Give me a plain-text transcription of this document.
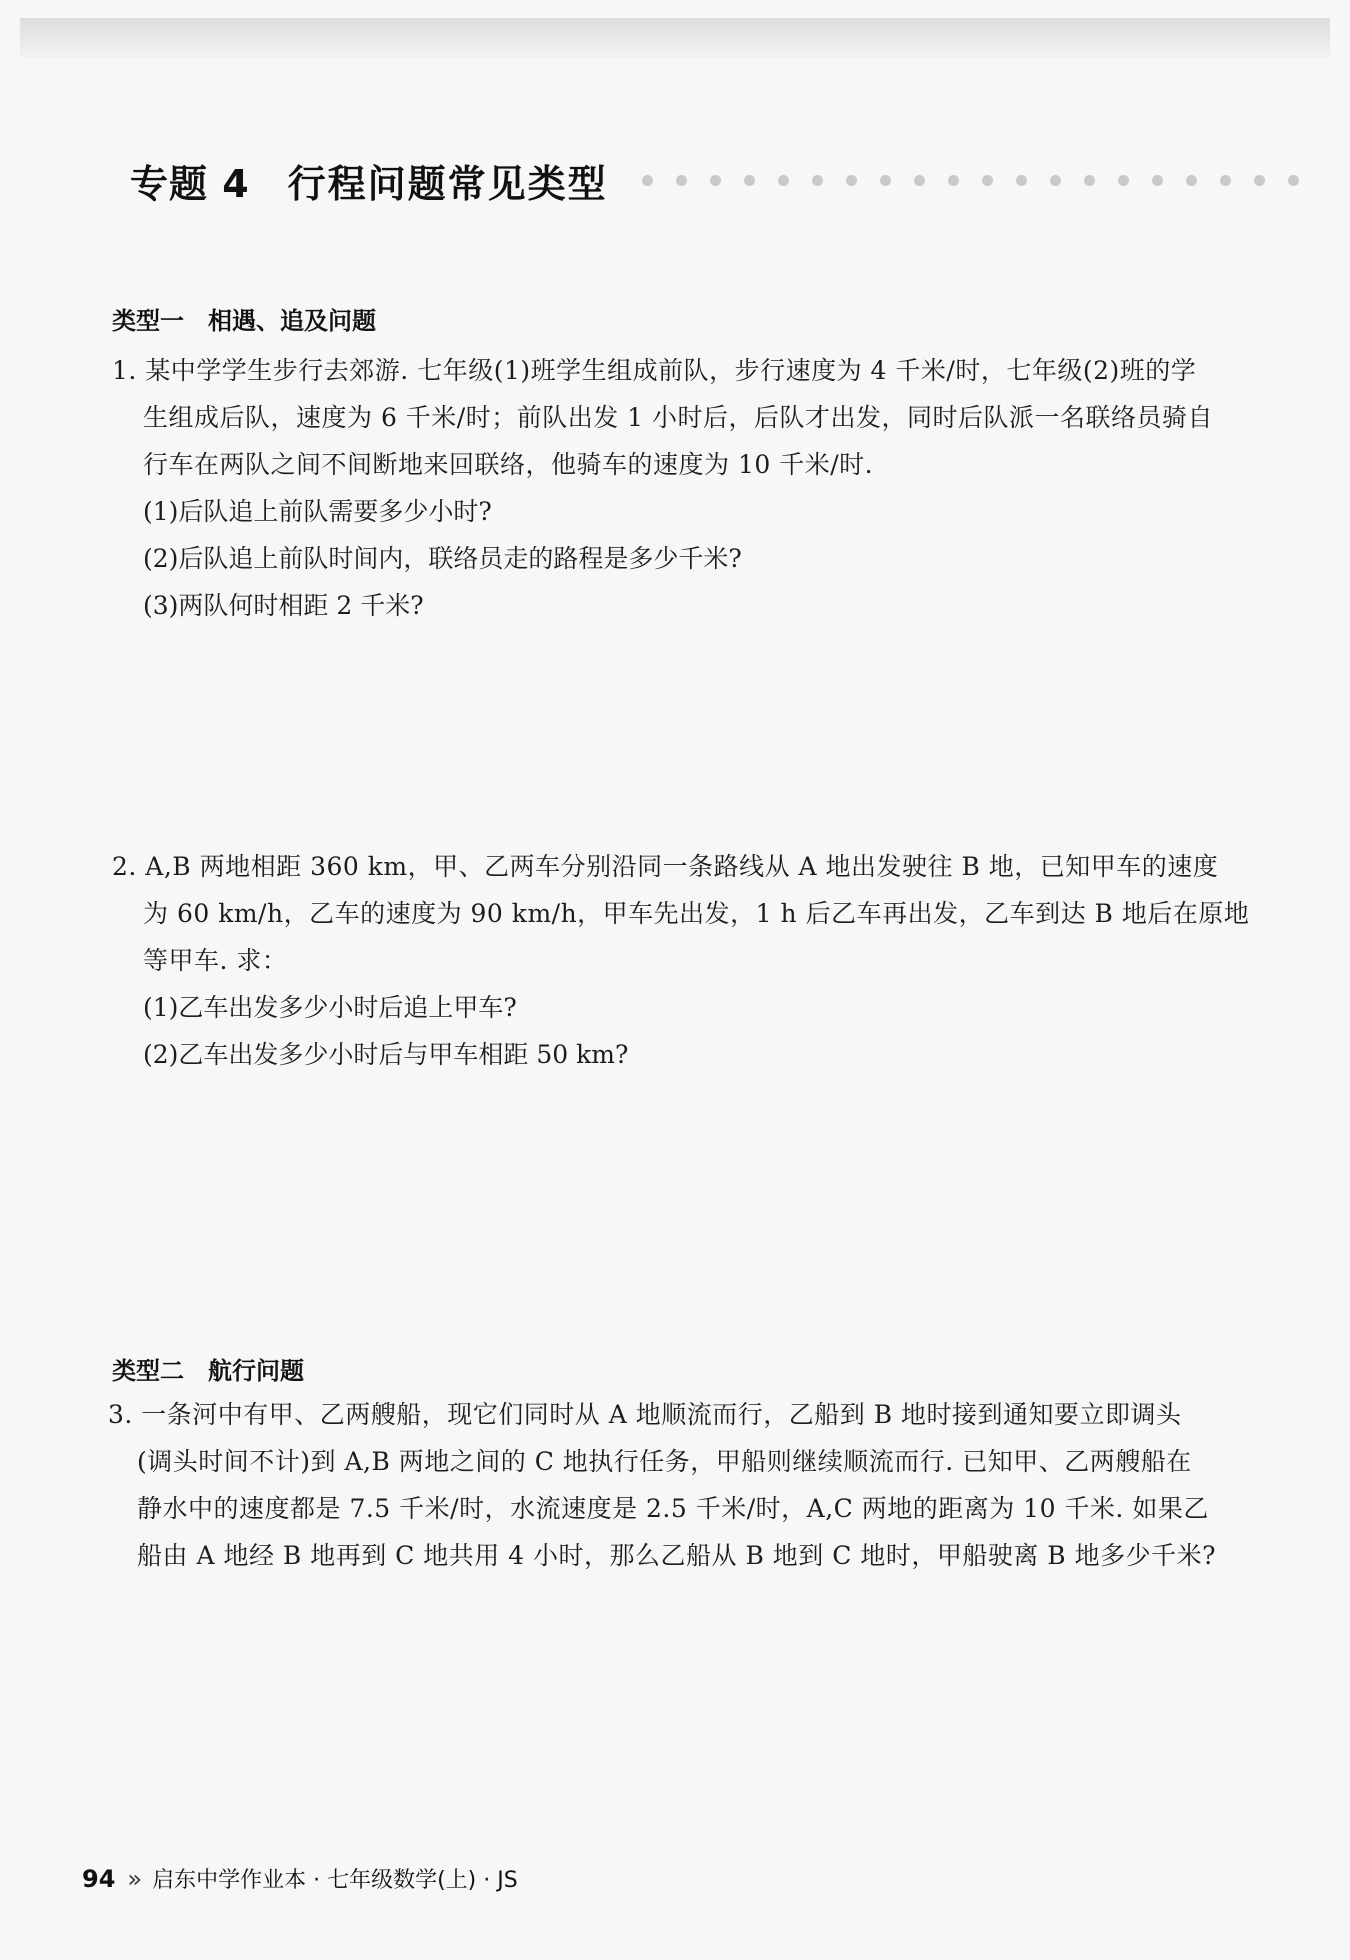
专题 4 行程问题常见类型
类型一 相遇、追及问题
1. 某中学学生步行去郊游. 七年级(1)班学生组成前队，步行速度为 4 千米/时，七年级(2)班的学
生组成后队，速度为 6 千米/时；前队出发 1 小时后，后队才出发，同时后队派一名联络员骑自
行车在两队之间不间断地来回联络，他骑车的速度为 10 千米/时.
(1)后队追上前队需要多少小时?
(2)后队追上前队时间内，联络员走的路程是多少千米?
(3)两队何时相距 2 千米?
2. A,B 两地相距 360 km，甲、乙两车分别沿同一条路线从 A 地出发驶往 B 地，已知甲车的速度
为 60 km/h，乙车的速度为 90 km/h，甲车先出发，1 h 后乙车再出发，乙车到达 B 地后在原地
等甲车. 求：
(1)乙车出发多少小时后追上甲车?
(2)乙车出发多少小时后与甲车相距 50 km?
类型二 航行问题
3. 一条河中有甲、乙两艘船，现它们同时从 A 地顺流而行，乙船到 B 地时接到通知要立即调头
(调头时间不计)到 A,B 两地之间的 C 地执行任务，甲船则继续顺流而行. 已知甲、乙两艘船在
静水中的速度都是 7.5 千米/时，水流速度是 2.5 千米/时，A,C 两地的距离为 10 千米. 如果乙
船由 A 地经 B 地再到 C 地共用 4 小时，那么乙船从 B 地到 C 地时，甲船驶离 B 地多少千米?
94 » 启东中学作业本 · 七年级数学(上) · JS
